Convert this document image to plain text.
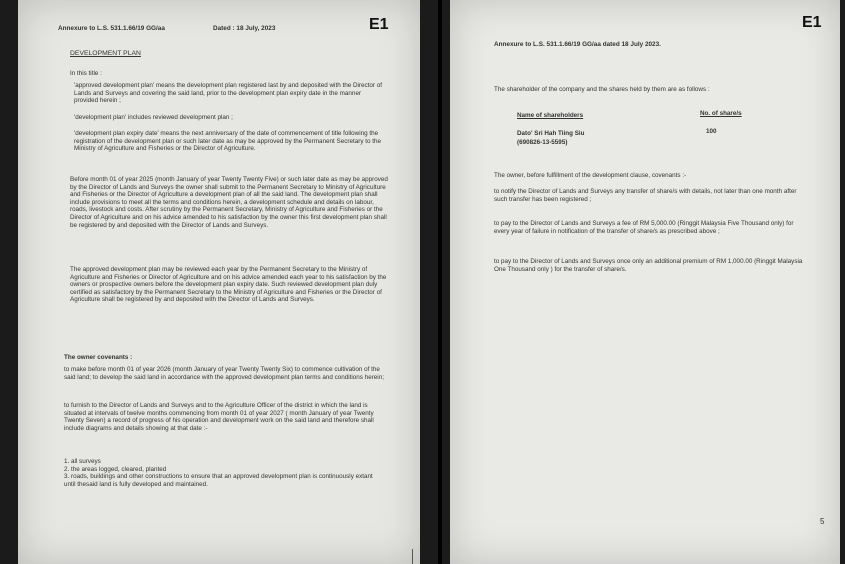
E1
Annexure to L.S. 531.1.66/19 GG/aa	Dated : 18 July, 2023
DEVELOPMENT PLAN
In this title :
'approved development plan' means the development plan registered last by and deposited with the Director of Lands and Surveys and covering the said land, prior to the development plan expiry date in the manner provided herein ;
'development plan' includes reviewed development plan ;
'development plan expiry date' means the next anniversary of the date of commencement of title following the registration of the development plan or such later date as may be approved by the Permanent Secretary to the Ministry of Agriculture and Fisheries or the Director of Agriculture.
Before month 01 of year 2025 (month January of year Twenty Twenty Five) or such later date as may be approved by the Director of Lands and Surveys the owner shall submit to the Permanent Secretary to Ministry of Agriculture and Fisheries or the Director of Agriculture a development plan of all the said land. The development plan shall include provisions to meet all the terms and conditions herein, a development schedule and details on labour, roads, livestock and costs. After scrutiny by the Permanent Secretary, Ministry of Agriculture and Fisheries or the Director of Agriculture and on his advice amended to his satisfaction by the owner this first development plan shall be registered by and deposited with the Director of Lands and Surveys.
The approved development plan may be reviewed each year by the Permanent Secretary to the Ministry of Agriculture and Fisheries or Director of Agriculture and on his advice amended each year to his satisfaction by the owners or prospective owners before the development plan expiry date. Such reviewed development plan duly certified as satisfactory by the Permanent Secretary to the Ministry of Agriculture and Fisheries or the Director of Agriculture shall be registered by and deposited with the Director of Lands and Surveys.
The owner covenants :
to make before month 01 of year 2026 (month January of year Twenty Twenty Six) to commence cultivation of the said land; to develop the said land in accordance with the approved development plan terms and conditions herein;
to furnish to the Director of Lands and Surveys and to the Agriculture Officer of the district in which the land is situated at intervals of twelve months commencing from month 01 of year 2027 ( month January of year Twenty Twenty Seven) a record of progress of his operation and development work on the said land and therefore shall include diagrams and details showing at that date :-
1. all surveys
2. the areas logged, cleared, planted
3. roads, buildings and other constructions to ensure that an approved development plan is continuously extant until thesaid land is fully developed and maintained.
E1
Annexure to L.S. 531.1.66/19 GG/aa dated 18 July 2023.
The shareholder of the company and the shares held by them are as follows :
Name of shareholders	No. of share/s
Dato' Sri Hah Tiing Siu
(690826-13-5595)
100
The owner, before fulfillment of the development clause, covenants :-
to notify the Director of Lands and Surveys any transfer of share/s with details, not later than one month after such transfer has been registered ;
to pay to the Director of Lands and Surveys a fee of RM 5,000.00 (Ringgit Malaysia Five Thousand only) for every year of failure in notification of the transfer of share/s as prescribed above ;
to pay to the Director of Lands and Surveys once only an additional premium of RM 1,000.00 (Ringgit Malaysia One Thousand only ) for the transfer of share/s.
5
